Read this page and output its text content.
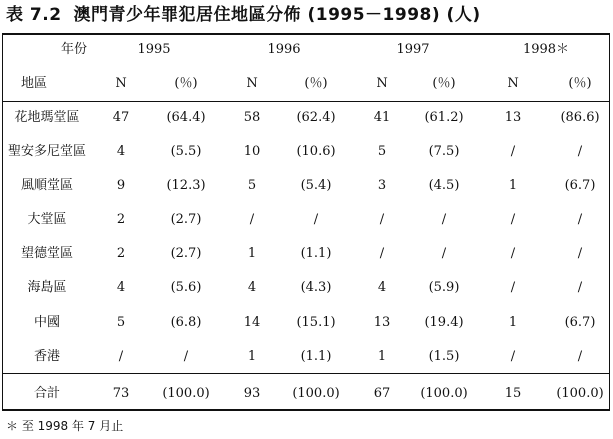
表 7.2 澳門青少年罪犯居住地區分佈 (1995－1998) (人)
年份	1995	1996	1997	1998＊
地區	N	(％)	N	(％)	N	(％)	N	(％)
花地瑪堂區	47	(64.4)	58	(62.4)	41	(61.2)	13	(86.6)
聖安多尼堂區	4	(5.5)	10	(10.6)	5	(7.5)	/	/
風順堂區	9	(12.3)	5	(5.4)	3	(4.5)	1	(6.7)
大堂區	2	(2.7)	/	/	/	/	/	/
望德堂區	2	(2.7)	1	(1.1)	/	/	/	/
海島區	4	(5.6)	4	(4.3)	4	(5.9)	/	/
中國	5	(6.8)	14	(15.1)	13	(19.4)	1	(6.7)
香港	/	/	1	(1.1)	1	(1.5)	/	/
合計	73	(100.0)	93	(100.0)	67	(100.0)	15	(100.0)
＊ 至 1998 年 7 月止
